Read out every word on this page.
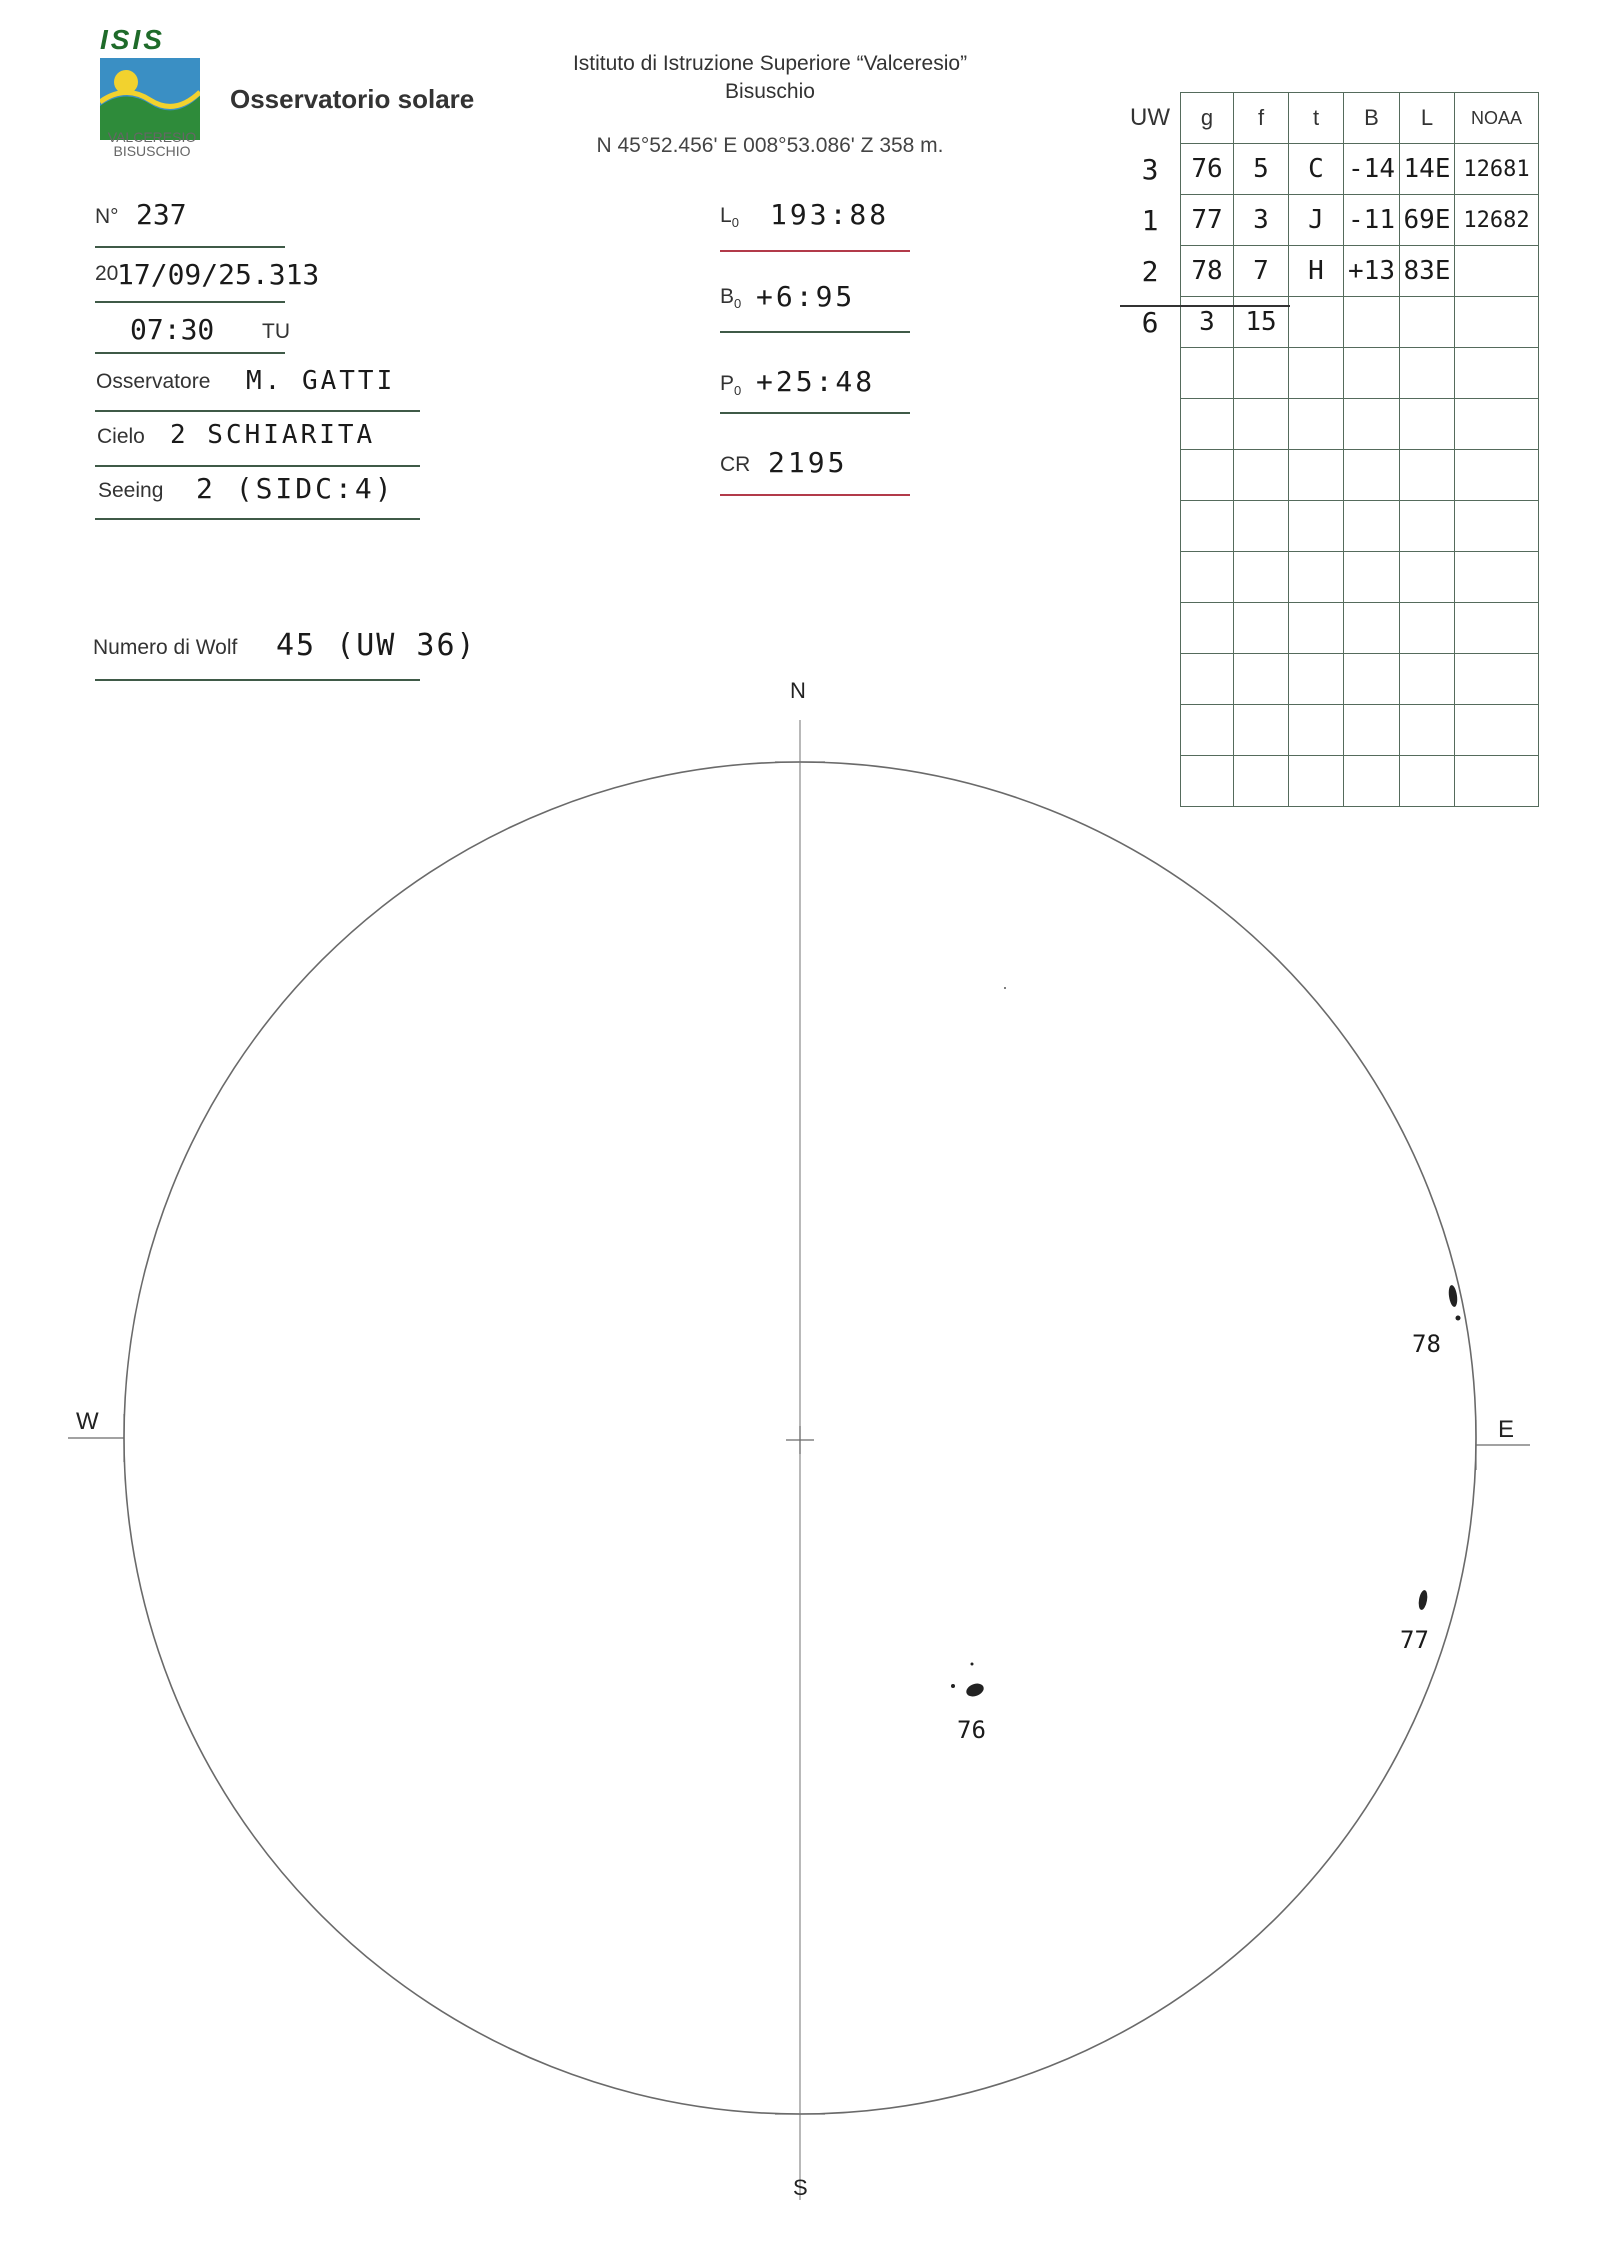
ISIS
VALCERESIO
BISUSCHIO
Osservatorio solare
Istituto di Istruzione Superiore “Valceresio”
Bisuschio
N 45°52.456' E 008°53.086' Z 358 m.
N° 237
20
17/09/25.313
07:30 TU
Osservatore M. GATTI
Cielo 2 SCHIARITA
Seeing 2 (SIDC:4)
Numero di Wolf 45 (UW 36)
$L_0$ 193:88
$B_0$ +6:95
$P_0$ +25:48
CR 2195
UW	g	f	t	B	L	NOAA
3	76	5	C	-14	14E	12681
1	77	3	J	-11	69E	12682
2	78	7	H	+13	83E	
6	3	15				

N
S
W	E
76
77
78
